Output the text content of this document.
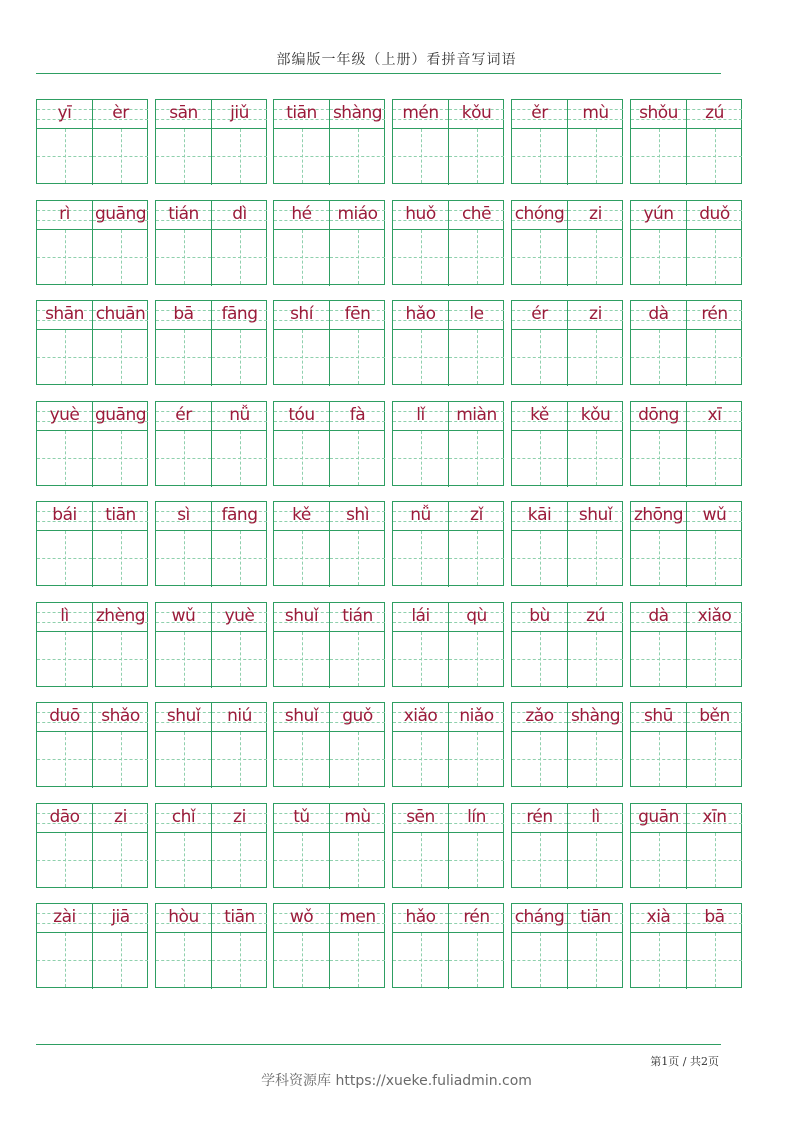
部编版一年级（上册）看拼音写词语
yī	èr	sān	jiǔ	tiān shàng	mén	kǒu	ěr	mù	shǒu	zú
rì	guāng	tián	dì	hé	miáo	huǒ	chē	chóng	zi	yún	duǒ
shān chuān	bā	fāng	shí	fēn	hǎo	le	ér	zi	dà	rén
yuè guāng	ér	nǚ	tóu	fà	lǐ	miàn	kě	kǒu	dōng	xī
bái	tiān	sì	fāng	kě	shì	nǚ	zǐ	kāi	shuǐ	zhōng	wǔ
lì	zhèng	wǔ	yuè	shuǐ	tián	lái	qù	bù	zú	dà	xiǎo
duō	shǎo	shuǐ	niú	shuǐ	guǒ	xiǎo	niǎo	zǎo	shàng	shū	běn
dāo	zi	chǐ	zi	tǔ	mù	sēn	lín	rén	lì	guān	xīn
zài	jiā	hòu	tiān	wǒ	men	hǎo	rén	cháng tiān	xià	bā
第1页 / 共2页
学科资源库 https://xueke.fuliadmin.com
